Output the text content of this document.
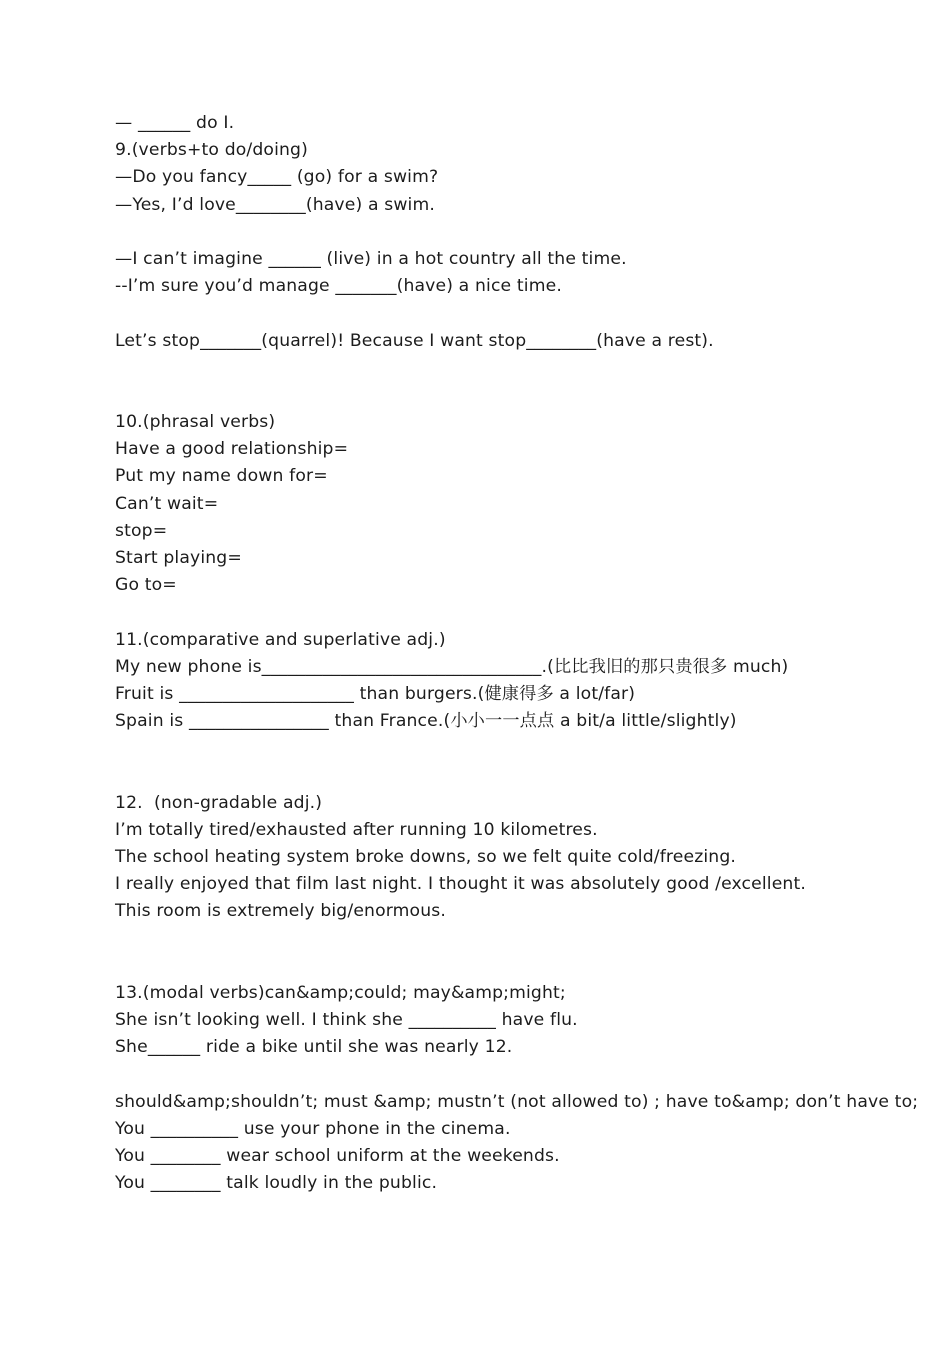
— ______ do I.
9.(verbs+to do/doing)
—Do you fancy_____ (go) for a swim?
—Yes, I’d love________(have) a swim.
—I can’t imagine ______ (live) in a hot country all the time.
--I’m sure you’d manage _______(have) a nice time.
Let’s stop_______(quarrel)! Because I want stop________(have a rest).
10.(phrasal verbs)
Have a good relationship=
Put my name down for=
Can’t wait=
stop=
Start playing=
Go to=
11.(comparative and superlative adj.)
My new phone is________________________________.(比比我旧的那只贵很多 much)
Fruit is ____________________ than burgers.(健康得多 a lot/far)
Spain is ________________ than France.(小小一一点点 a bit/a little/slightly)
12.  (non-gradable adj.)
I’m totally tired/exhausted after running 10 kilometres.
The school heating system broke downs, so we felt quite cold/freezing.
I really enjoyed that film last night. I thought it was absolutely good /excellent.
This room is extremely big/enormous.
13.(modal verbs)can&amp;could; may&amp;might;
She isn’t looking well. I think she __________ have flu.
She______ ride a bike until she was nearly 12.
should&amp;shouldn’t; must &amp; mustn’t (not allowed to) ; have to&amp; don’t have to;
You __________ use your phone in the cinema.
You ________ wear school uniform at the weekends.
You ________ talk loudly in the public.
